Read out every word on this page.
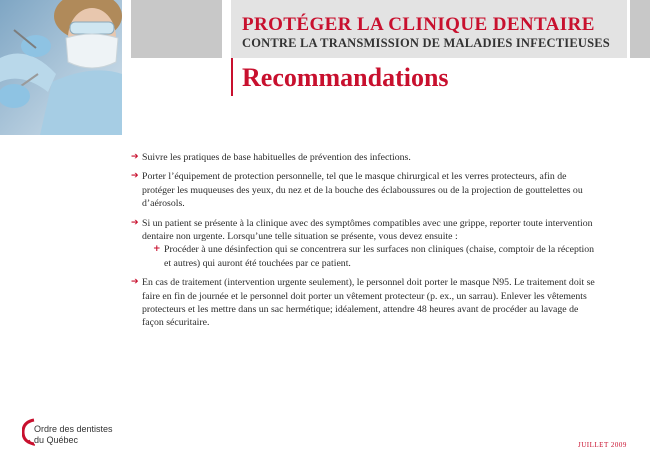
PROTÉGER LA CLINIQUE DENTAIRE
CONTRE LA TRANSMISSION DE MALADIES INFECTIEUSES
Recommandations
➔ Suivre les pratiques de base habituelles de prévention des infections.
➔ Porter l’équipement de protection personnelle, tel que le masque chirurgical et les verres protecteurs, afin de protéger les muqueuses des yeux, du nez et de la bouche des éclaboussures ou de la projection de gouttelettes ou d’aérosols.
➔ Si un patient se présente à la clinique avec des symptômes compatibles avec une grippe, reporter toute intervention dentaire non urgente. Lorsqu’une telle situation se présente, vous devez ensuite :
+ Procéder à une désinfection qui se concentrera sur les surfaces non cliniques (chaise, comptoir de la réception et autres) qui auront été touchées par ce patient.
➔ En cas de traitement (intervention urgente seulement), le personnel doit porter le masque N95. Le traitement doit se faire en fin de journée et le personnel doit porter un vêtement protecteur (p. ex., un sarrau). Enlever les vêtements protecteurs et les mettre dans un sac hermétique; idéalement, attendre 48 heures avant de procéder au lavage de façon sécuritaire.
Ordre des dentistes
du Québec	JUILLET 2009
